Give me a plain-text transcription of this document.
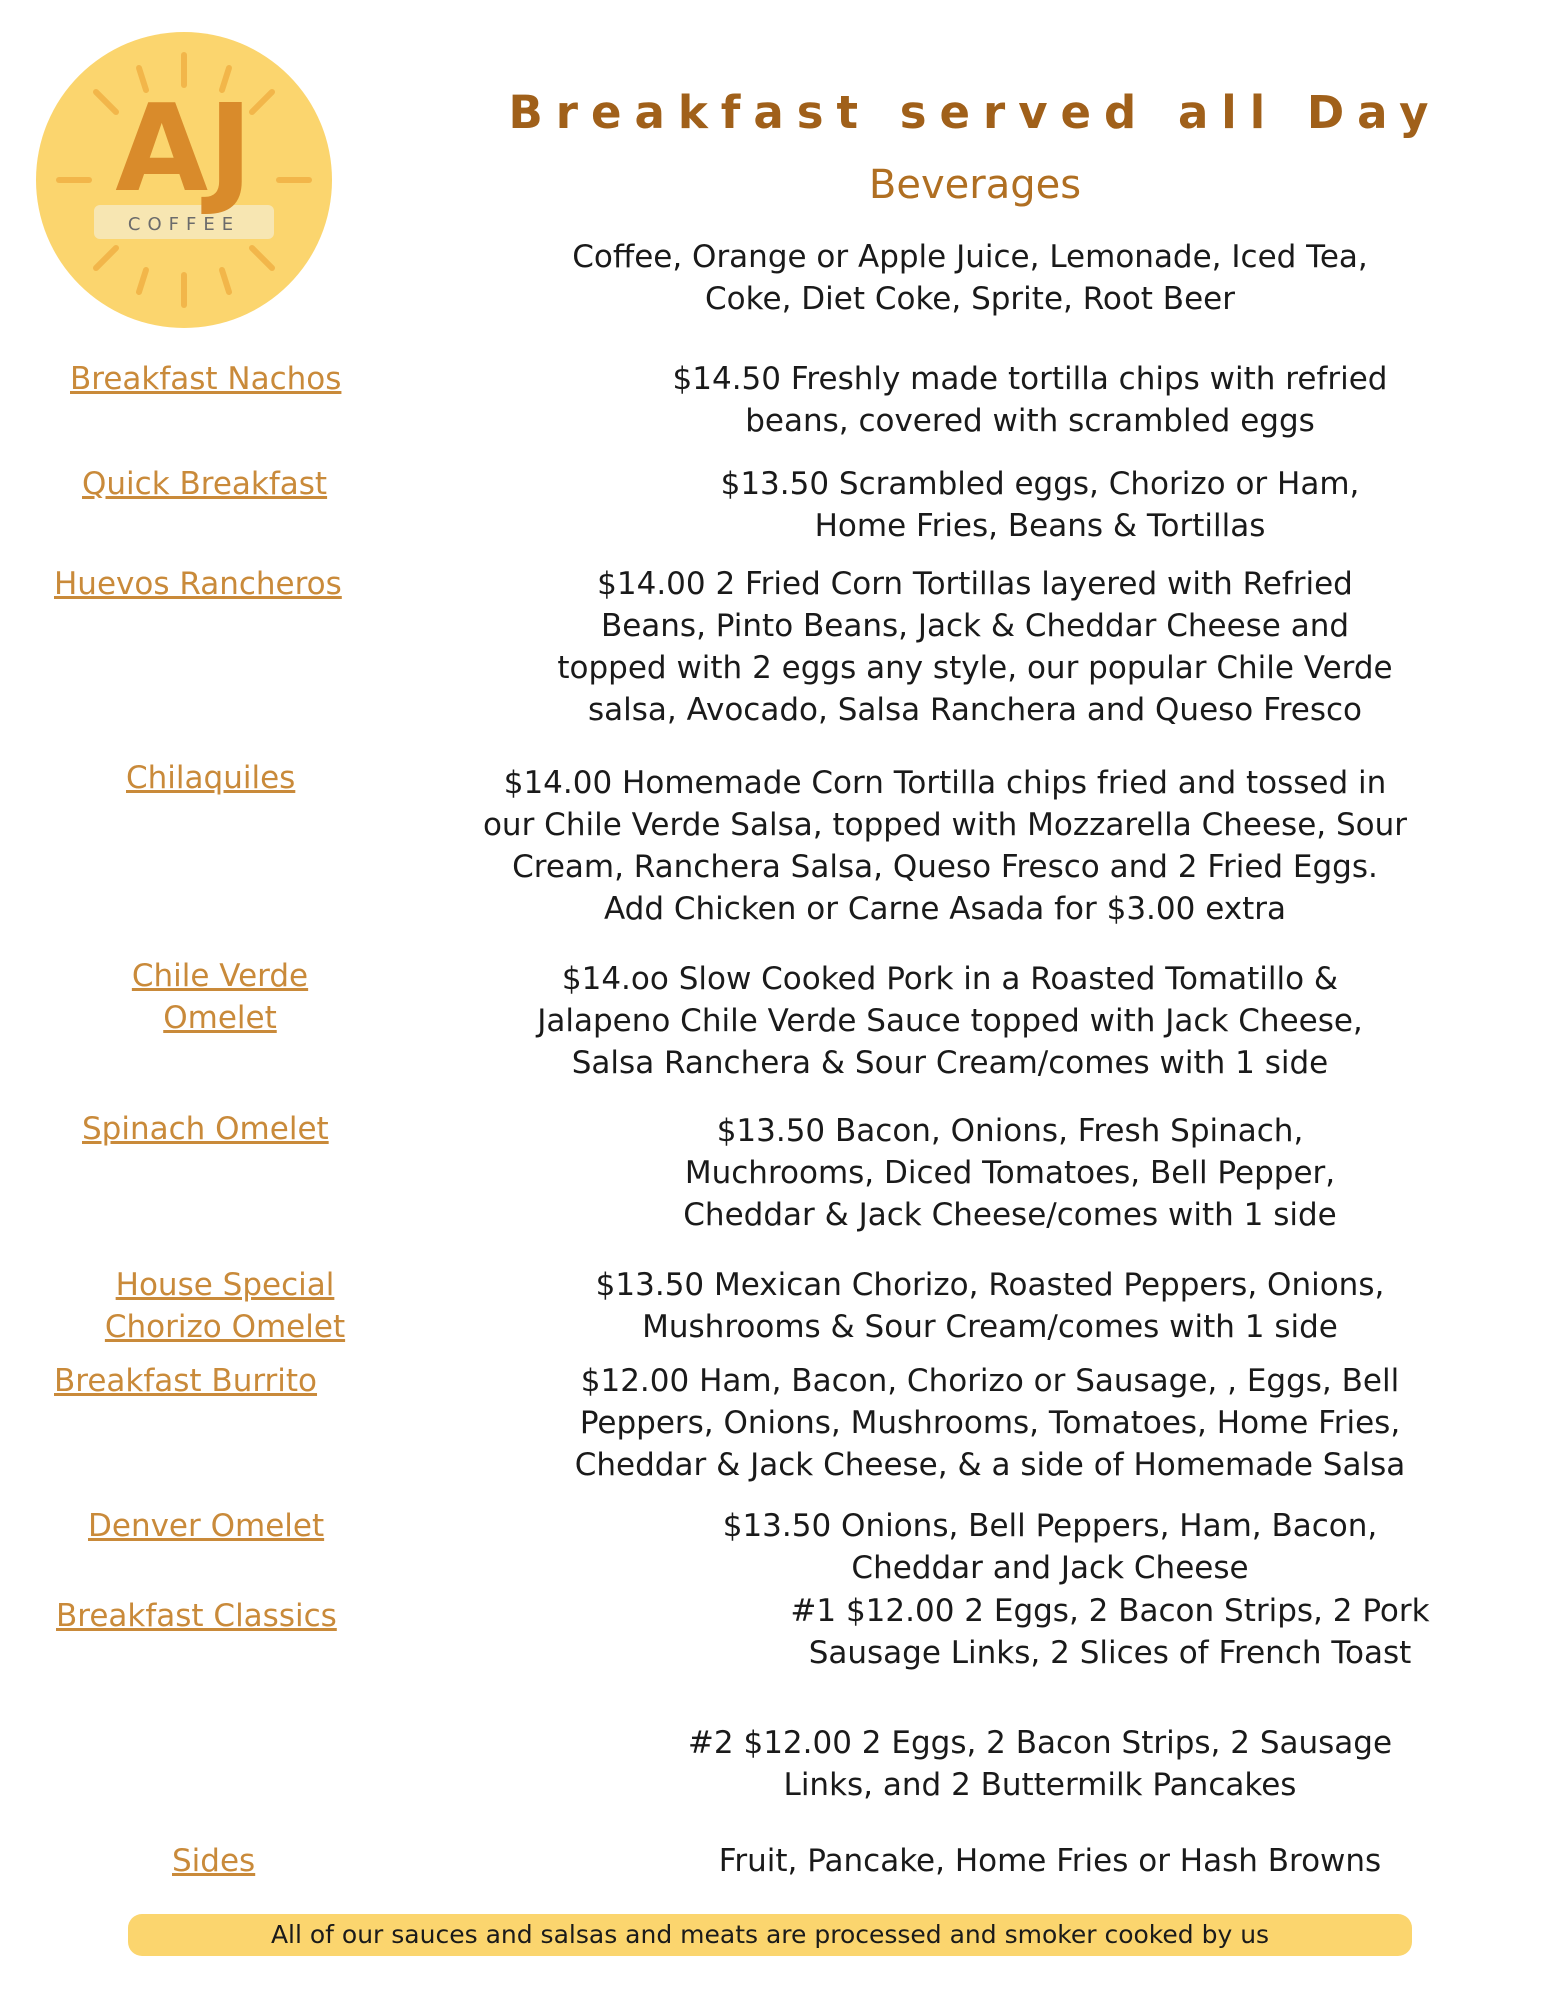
AJ
COFFEE
Breakfast served all Day
Beverages
Coffee, Orange or Apple Juice, Lemonade, Iced Tea,
Coke, Diet Coke, Sprite, Root Beer
Breakfast Nachos	$14.50 Freshly made tortilla chips with refried
beans, covered with scrambled eggs
Quick Breakfast	$13.50 Scrambled eggs, Chorizo or Ham,
Home Fries, Beans & Tortillas
Huevos Rancheros	$14.00 2 Fried Corn Tortillas layered with Refried
Beans, Pinto Beans, Jack & Cheddar Cheese and
topped with 2 eggs any style, our popular Chile Verde
salsa, Avocado, Salsa Ranchera and Queso Fresco
Chilaquiles	$14.00 Homemade Corn Tortilla chips fried and tossed in
our Chile Verde Salsa, topped with Mozzarella Cheese, Sour
Cream, Ranchera Salsa, Queso Fresco and 2 Fried Eggs.
Add Chicken or Carne Asada for $3.00 extra
Chile Verde
Omelet
$14.oo Slow Cooked Pork in a Roasted Tomatillo &
Jalapeno Chile Verde Sauce topped with Jack Cheese,
Salsa Ranchera & Sour Cream/comes with 1 side
Spinach Omelet	$13.50 Bacon, Onions, Fresh Spinach,
Muchrooms, Diced Tomatoes, Bell Pepper,
Cheddar & Jack Cheese/comes with 1 side
House Special
Chorizo Omelet
$13.50 Mexican Chorizo, Roasted Peppers, Onions,
Mushrooms & Sour Cream/comes with 1 side
Breakfast Burrito	$12.00 Ham, Bacon, Chorizo or Sausage, , Eggs, Bell
Peppers, Onions, Mushrooms, Tomatoes, Home Fries,
Cheddar & Jack Cheese, & a side of Homemade Salsa
Denver Omelet	$13.50 Onions, Bell Peppers, Ham, Bacon,
Cheddar and Jack Cheese
Breakfast Classics	#1 $12.00 2 Eggs, 2 Bacon Strips, 2 Pork
Sausage Links, 2 Slices of French Toast
#2 $12.00 2 Eggs, 2 Bacon Strips, 2 Sausage
Links, and 2 Buttermilk Pancakes
Sides	Fruit, Pancake, Home Fries or Hash Browns
All of our sauces and salsas and meats are processed and smoker cooked by us
